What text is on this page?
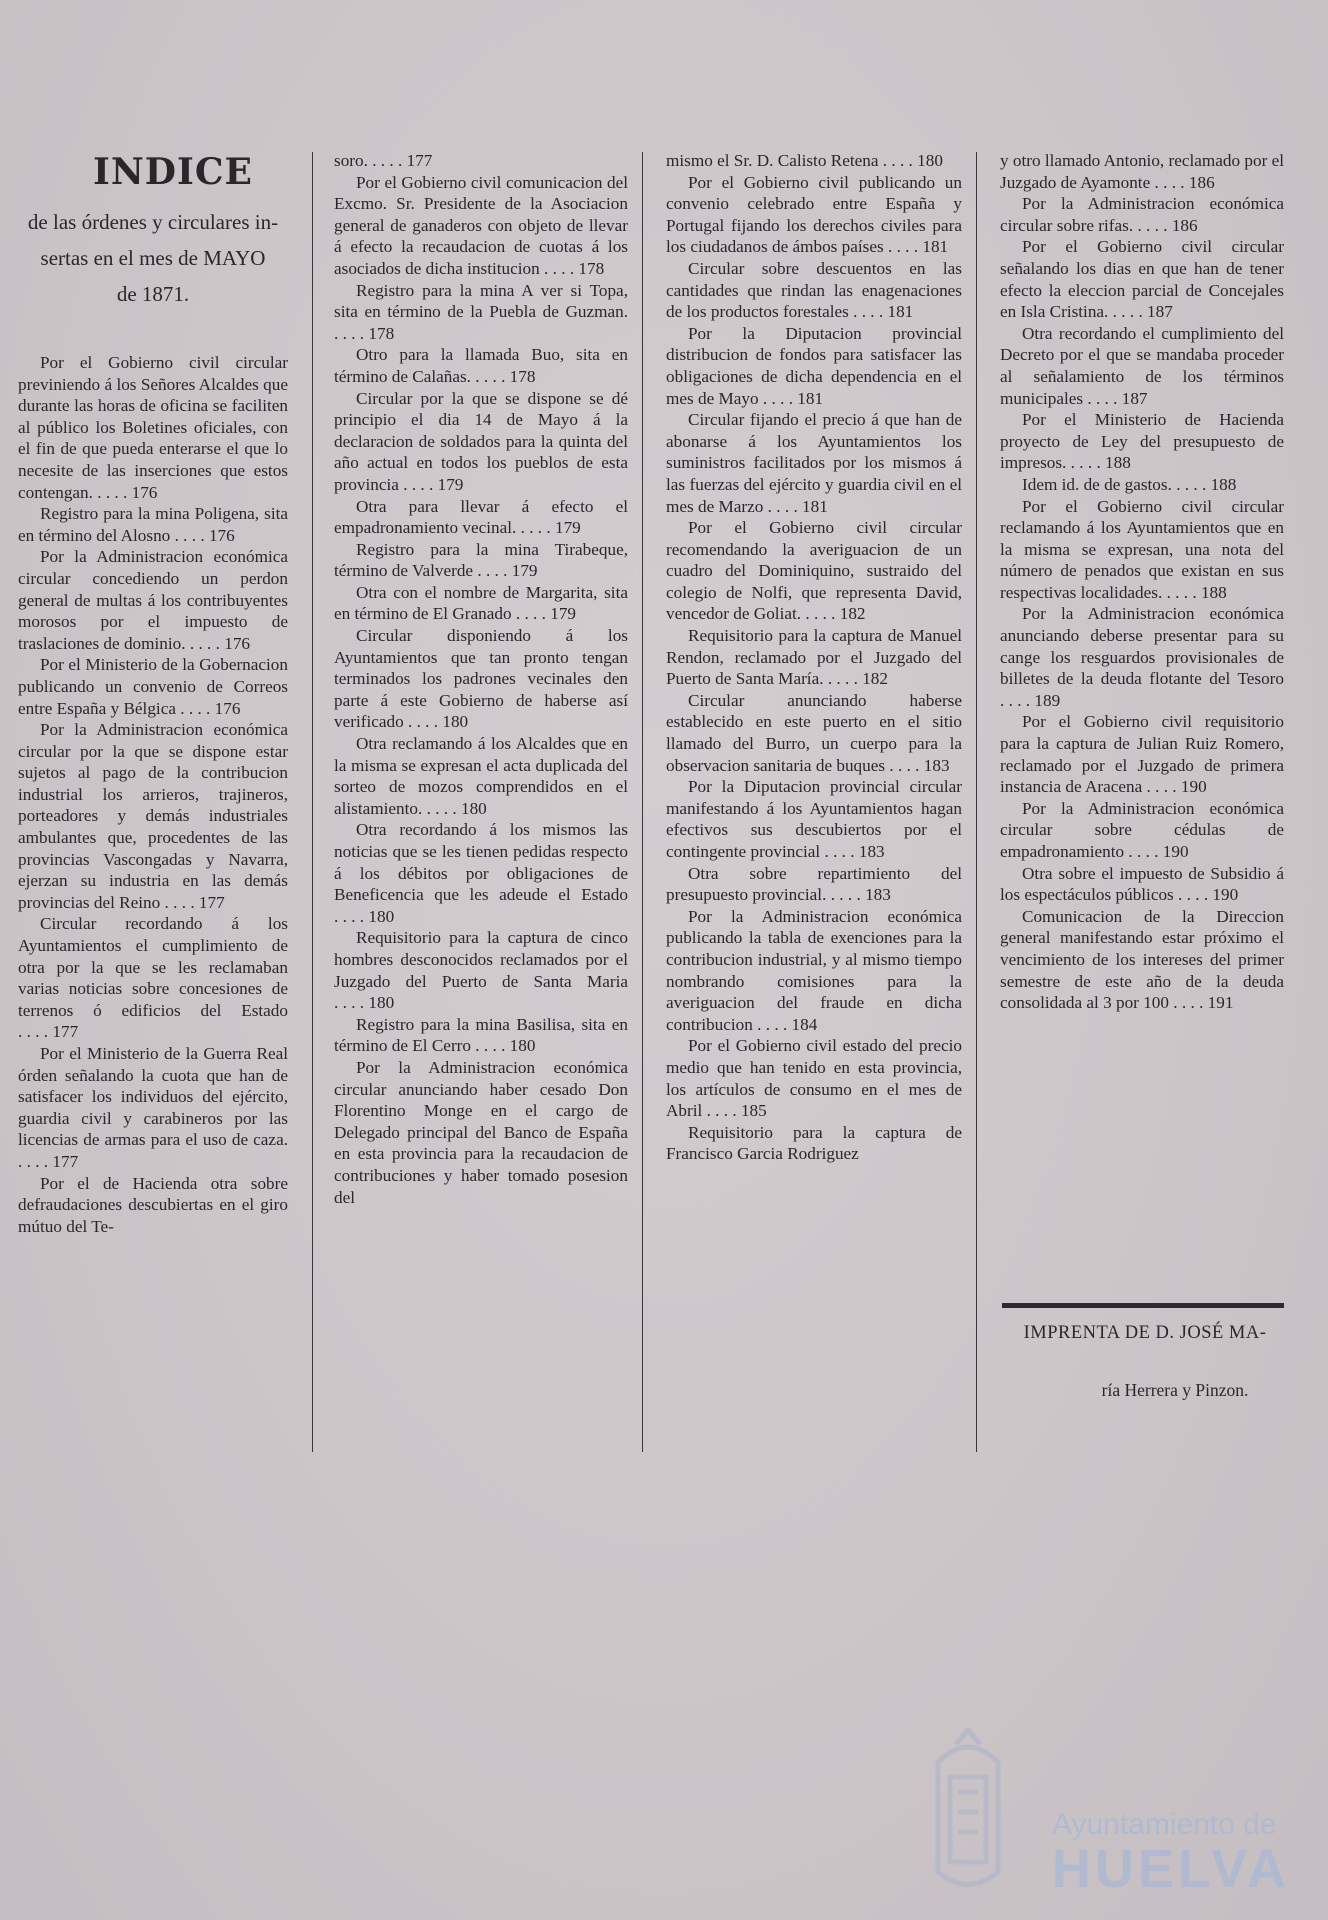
INDICE

de las órdenes y circulares in-

sertas en el mes de MAYO

de 1871.

Por el Gobierno civil circular previniendo á los Señores Alcaldes que durante las horas de oficina se faciliten al público los Boletines oficiales, con el fin de que pueda enterarse el que lo necesite de las inserciones que estos contengan. . . . . 176

Registro para la mina Poligena, sita en término del Alosno . . . . 176

Por la Administracion económica circular concediendo un perdon general de multas á los contribuyentes morosos por el impuesto de traslaciones de dominio. . . . . 176

Por el Ministerio de la Gobernacion publicando un convenio de Correos entre España y Bélgica . . . . 176

Por la Administracion económica circular por la que se dispone estar sujetos al pago de la contribucion industrial los arrieros, trajineros, porteadores y demás industriales ambulantes que, procedentes de las provincias Vascongadas y Navarra, ejerzan su industria en las demás provincias del Reino . . . . 177

Circular recordando á los Ayuntamientos el cumplimiento de otra por la que se les reclamaban varias noticias sobre concesiones de terrenos ó edificios del Estado . . . . 177

Por el Ministerio de la Guerra Real órden señalando la cuota que han de satisfacer los individuos del ejército, guardia civil y carabineros por las licencias de armas para el uso de caza. . . . . 177

Por el de Hacienda otra sobre defraudaciones descubiertas en el giro mútuo del Te-

soro. . . . . 177

Por el Gobierno civil comunicacion del Excmo. Sr. Presidente de la Asociacion general de ganaderos con objeto de llevar á efecto la recaudacion de cuotas á los asociados de dicha institucion . . . . 178

Registro para la mina A ver si Topa, sita en término de la Puebla de Guzman. . . . . 178

Otro para la llamada Buo, sita en término de Calañas. . . . . 178

Circular por la que se dispone se dé principio el dia 14 de Mayo á la declaracion de soldados para la quinta del año actual en todos los pueblos de esta provincia . . . . 179

Otra para llevar á efecto el empadronamiento vecinal. . . . . 179

Registro para la mina Tirabeque, término de Valverde . . . . 179

Otra con el nombre de Margarita, sita en término de El Granado . . . . 179

Circular disponiendo á los Ayuntamientos que tan pronto tengan terminados los padrones vecinales den parte á este Gobierno de haberse así verificado . . . . 180

Otra reclamando á los Alcaldes que en la misma se expresan el acta duplicada del sorteo de mozos comprendidos en el alistamiento. . . . . 180

Otra recordando á los mismos las noticias que se les tienen pedidas respecto á los débitos por obligaciones de Beneficencia que les adeude el Estado . . . . 180

Requisitorio para la captura de cinco hombres desconocidos reclamados por el Juzgado del Puerto de Santa Maria . . . . 180

Registro para la mina Basilisa, sita en término de El Cerro . . . . 180

Por la Administracion económica circular anunciando haber cesado Don Florentino Monge en el cargo de Delegado principal del Banco de España en esta provincia para la recaudacion de contribuciones y haber tomado posesion del

mismo el Sr. D. Calisto Retena . . . . 180

Por el Gobierno civil publicando un convenio celebrado entre España y Portugal fijando los derechos civiles para los ciudadanos de ámbos países . . . . 181

Circular sobre descuentos en las cantidades que rindan las enagenaciones de los productos forestales . . . . 181

Por la Diputacion provincial distribucion de fondos para satisfacer las obligaciones de dicha dependencia en el mes de Mayo . . . . 181

Circular fijando el precio á que han de abonarse á los Ayuntamientos los suministros facilitados por los mismos á las fuerzas del ejército y guardia civil en el mes de Marzo . . . . 181

Por el Gobierno civil circular recomendando la averiguacion de un cuadro del Dominiquino, sustraido del colegio de Nolfi, que representa David, vencedor de Goliat. . . . . 182

Requisitorio para la captura de Manuel Rendon, reclamado por el Juzgado del Puerto de Santa María. . . . . 182

Circular anunciando haberse establecido en este puerto en el sitio llamado del Burro, un cuerpo para la observacion sanitaria de buques . . . . 183

Por la Diputacion provincial circular manifestando á los Ayuntamientos hagan efectivos sus descubiertos por el contingente provincial . . . . 183

Otra sobre repartimiento del presupuesto provincial. . . . . 183

Por la Administracion económica publicando la tabla de exenciones para la contribucion industrial, y al mismo tiempo nombrando comisiones para la averiguacion del fraude en dicha contribucion . . . . 184

Por el Gobierno civil estado del precio medio que han tenido en esta provincia, los artículos de consumo en el mes de Abril . . . . 185

Requisitorio para la captura de Francisco Garcia Rodriguez

y otro llamado Antonio, reclamado por el Juzgado de Ayamonte . . . . 186

Por la Administracion económica circular sobre rifas. . . . . 186

Por el Gobierno civil circular señalando los dias en que han de tener efecto la eleccion parcial de Concejales en Isla Cristina. . . . . 187

Otra recordando el cumplimiento del Decreto por el que se mandaba proceder al señalamiento de los términos municipales . . . . 187

Por el Ministerio de Hacienda proyecto de Ley del presupuesto de impresos. . . . . 188

Idem id. de de gastos. . . . . 188

Por el Gobierno civil circular reclamando á los Ayuntamientos que en la misma se expresan, una nota del número de penados que existan en sus respectivas localidades. . . . . 188

Por la Administracion económica anunciando deberse presentar para su cange los resguardos provisionales de billetes de la deuda flotante del Tesoro . . . . 189

Por el Gobierno civil requisitorio para la captura de Julian Ruiz Romero, reclamado por el Juzgado de primera instancia de Aracena . . . . 190

Por la Administracion económica circular sobre cédulas de empadronamiento . . . . 190

Otra sobre el impuesto de Subsidio á los espectáculos públicos . . . . 190

Comunicacion de la Direccion general manifestando estar próximo el vencimiento de los intereses del primer semestre de este año de la deuda consolidada al 3 por 100 . . . . 191

IMPRENTA DE D. JOSÉ MA-
ría Herrera y Pinzon.
Ayuntamiento de
HUELVA
